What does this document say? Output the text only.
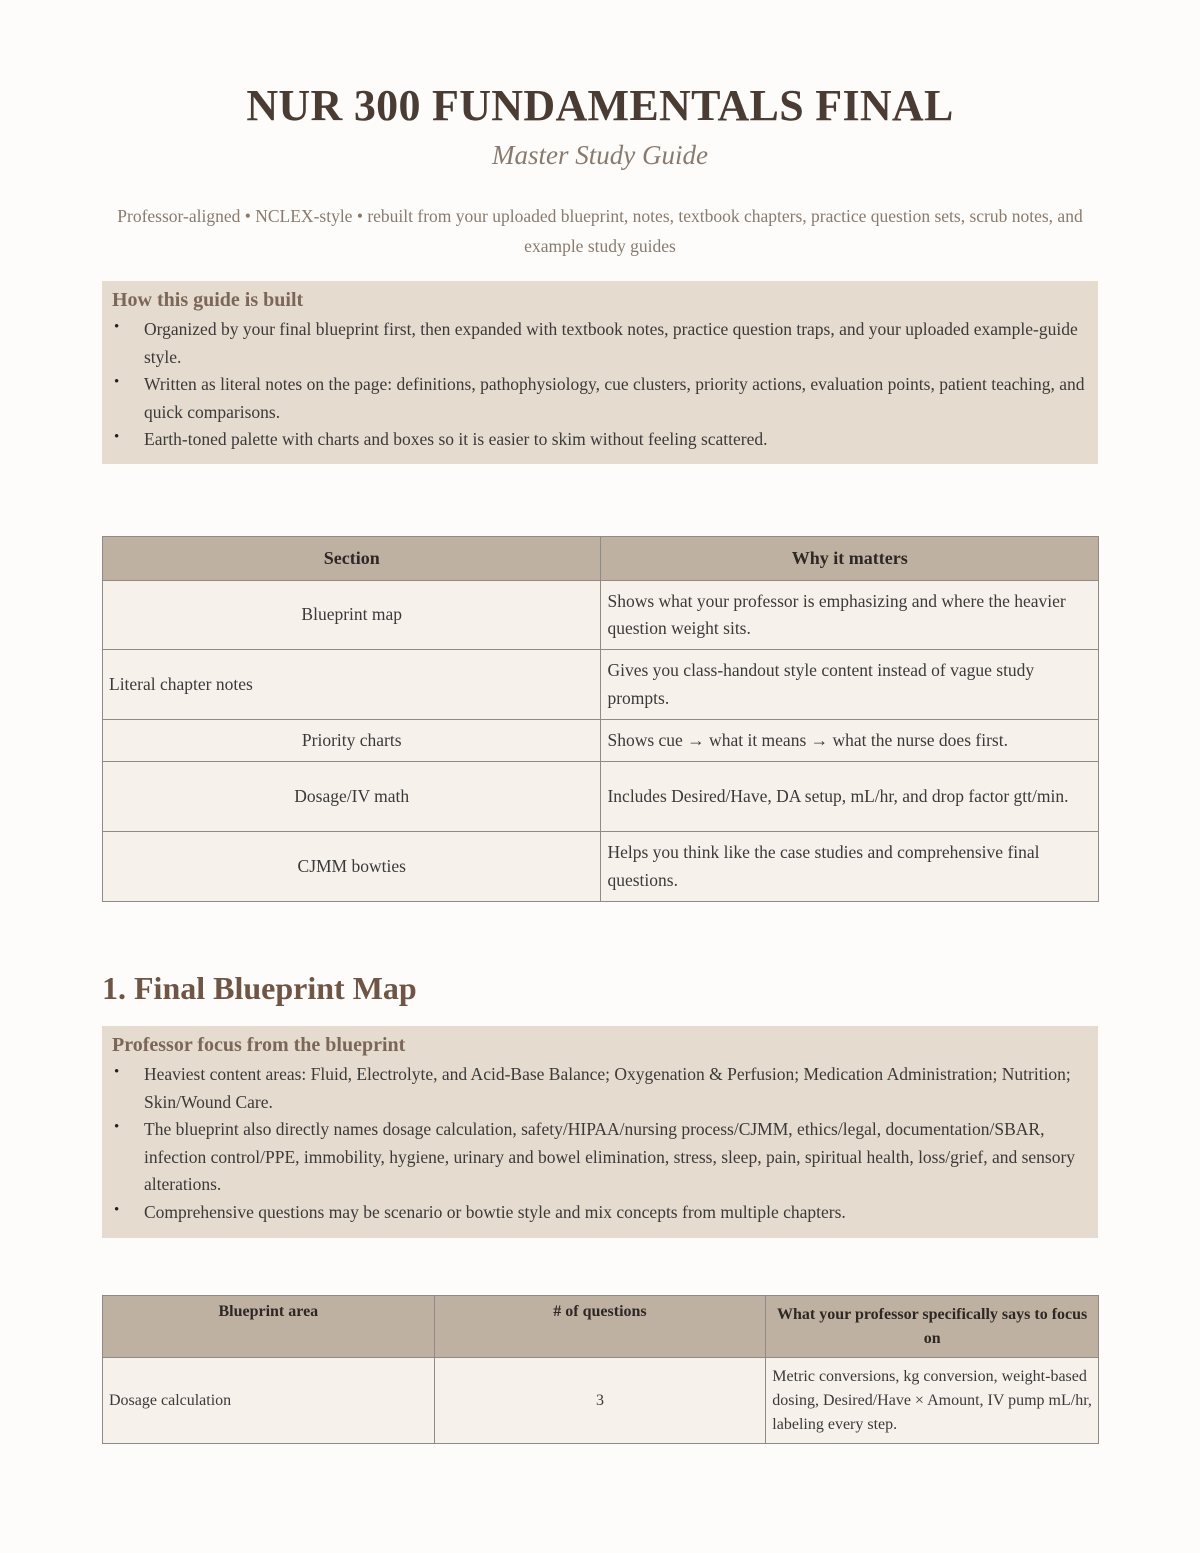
NUR 300 FUNDAMENTALS FINAL
Master Study Guide

Professor-aligned • NCLEX-style • rebuilt from your uploaded blueprint, notes, textbook chapters, practice question sets, scrub notes, and example study guides

How this guide is built
• Organized by your final blueprint first, then expanded with textbook notes, practice question traps, and your uploaded example-guide style.
• Written as literal notes on the page: definitions, pathophysiology, cue clusters, priority actions, evaluation points, patient teaching, and quick comparisons.
• Earth-toned palette with charts and boxes so it is easier to skim without feeling scattered.
Section	Why it matters
Blueprint map	Shows what your professor is emphasizing and where the heavier question weight sits.
Literal chapter notes	Gives you class-handout style content instead of vague study prompts.
Priority charts	Shows cue → what it means → what the nurse does first.
Dosage/IV math	Includes Desired/Have, DA setup, mL/hr, and drop factor gtt/min.
CJMM bowties	Helps you think like the case studies and comprehensive final questions.
1. Final Blueprint Map
Professor focus from the blueprint
• Heaviest content areas: Fluid, Electrolyte, and Acid-Base Balance; Oxygenation & Perfusion; Medication Administration; Nutrition; Skin/Wound Care.
• The blueprint also directly names dosage calculation, safety/HIPAA/nursing process/CJMM, ethics/legal, documentation/SBAR, infection control/PPE, immobility, hygiene, urinary and bowel elimination, stress, sleep, pain, spiritual health, loss/grief, and sensory alterations.
• Comprehensive questions may be scenario or bowtie style and mix concepts from multiple chapters.
Blueprint area	# of questions	What your professor specifically says to focus on
Dosage calculation	3	Metric conversions, kg conversion, weight-based dosing, Desired/Have × Amount, IV pump mL/hr, labeling every step.
